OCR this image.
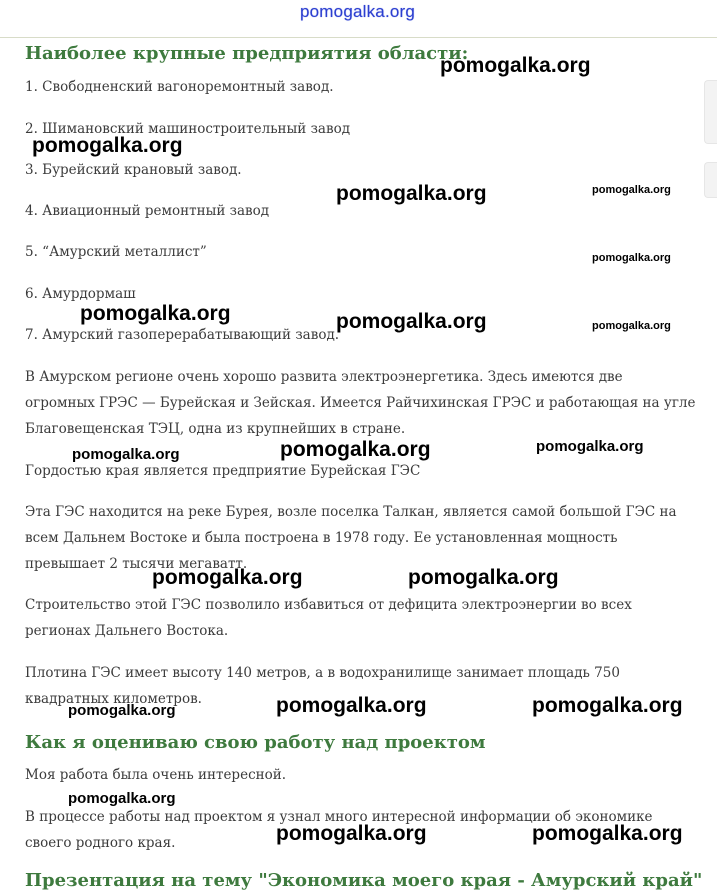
pomogalka.org
Наиболее крупные предприятия области:

1. Свободненский вагоноремонтный завод.

2. Шимановский машиностроительный завод

3. Бурейский крановый завод.

4. Авиационный ремонтный завод

5. “Амурский металлист”

6. Амурдормаш

7. Амурский газоперерабатывающий завод.

В Амурском регионе очень хорошо развита электроэнергетика. Здесь имеются две

огромных ГРЭС — Бурейская и Зейская. Имеется Райчихинская ГРЭС и работающая на угле

Благовещенская ТЭЦ, одна из крупнейших в стране.

Гордостью края является предприятие Бурейская ГЭС

Эта ГЭС находится на реке Бурея, возле поселка Талкан, является самой большой ГЭС на

всем Дальнем Востоке и была построена в 1978 году. Ее установленная мощность

превышает 2 тысячи мегаватт.

Строительство этой ГЭС позволило избавиться от дефицита электроэнергии во всех

регионах Дальнего Востока.

Плотина ГЭС имеет высоту 140 метров, а в водохранилище занимает площадь 750

квадратных километров.

Как я оцениваю свою работу над проектом

Моя работа была очень интересной.

В процессе работы над проектом я узнал много интересной информации об экономике

своего родного края.

Презентация на тему "Экономика моего края - Амурский край"
pomogalka.org
pomogalka.org
pomogalka.org	pomogalka.org
pomogalka.org
pomogalka.org	pomogalka.org	pomogalka.org
pomogalka.org	pomogalka.org
pomogalka.org
pomogalka.org	pomogalka.org
pomogalka.org	pomogalka.org
pomogalka.org
pomogalka.org
pomogalka.org	pomogalka.org
